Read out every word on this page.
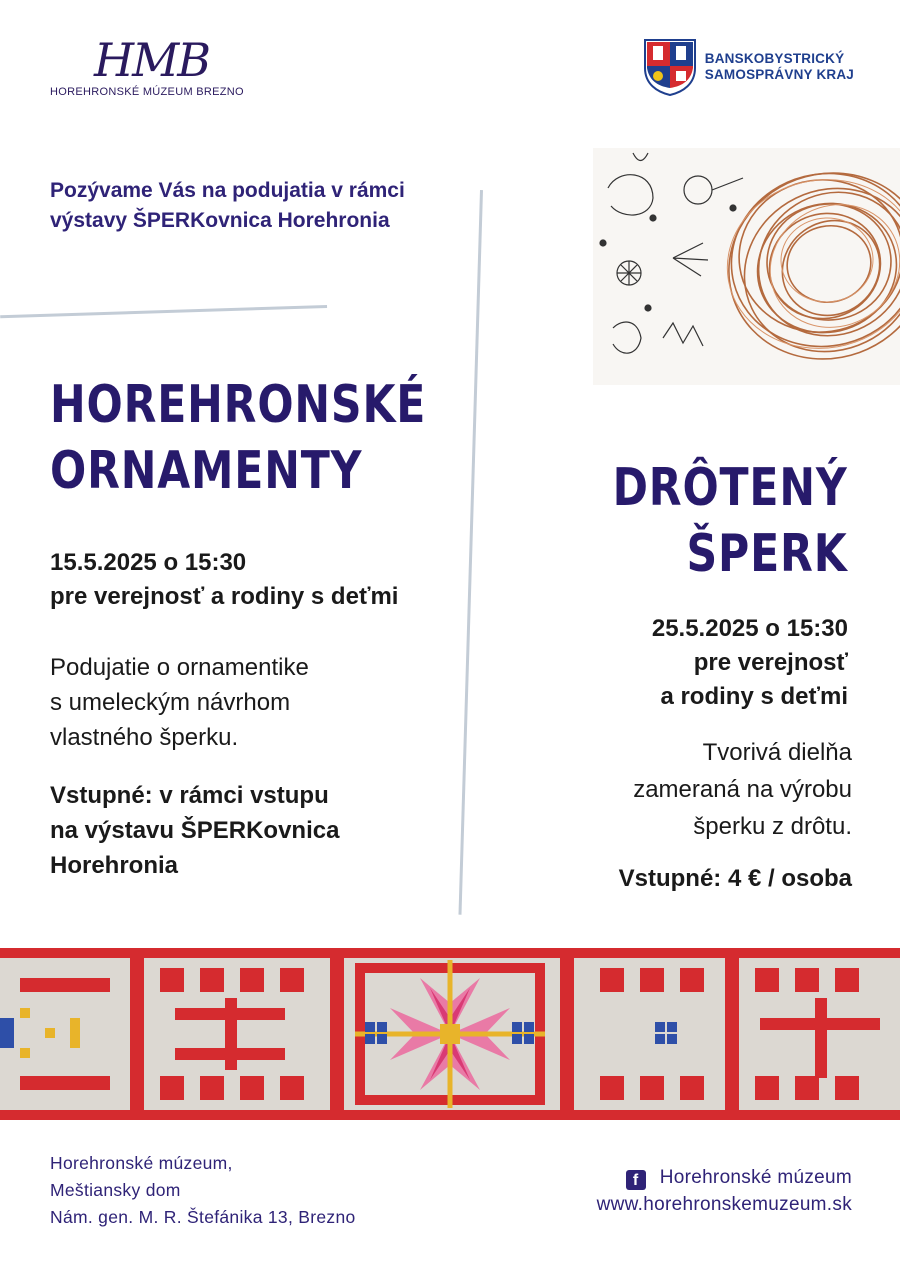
HMB
HOREHRONSKÉ MÚZEUM BREZNO
BANSKOBYSTRICKÝ
SAMOSPRÁVNY KRAJ
Pozývame Vás na podujatia v rámci
výstavy ŠPERKovnica Horehronia
HOREHRONSKÉ
ORNAMENTY
15.5.2025 o 15:30
pre verejnosť a rodiny s deťmi
Podujatie o ornamentike
s umeleckým návrhom
vlastného šperku.
Vstupné: v rámci vstupu
na výstavu ŠPERKovnica
Horehronia
DRÔTENÝ
ŠPERK
25.5.2025 o 15:30
pre verejnosť
a rodiny s deťmi
Tvorivá dielňa
zameraná na výrobu
šperku z drôtu.
Vstupné: 4 € / osoba
Horehronské múzeum,
Meštiansky dom
Nám. gen. M. R. Štefánika 13, Brezno
f Horehronské múzeum
www.horehronskemuzeum.sk
